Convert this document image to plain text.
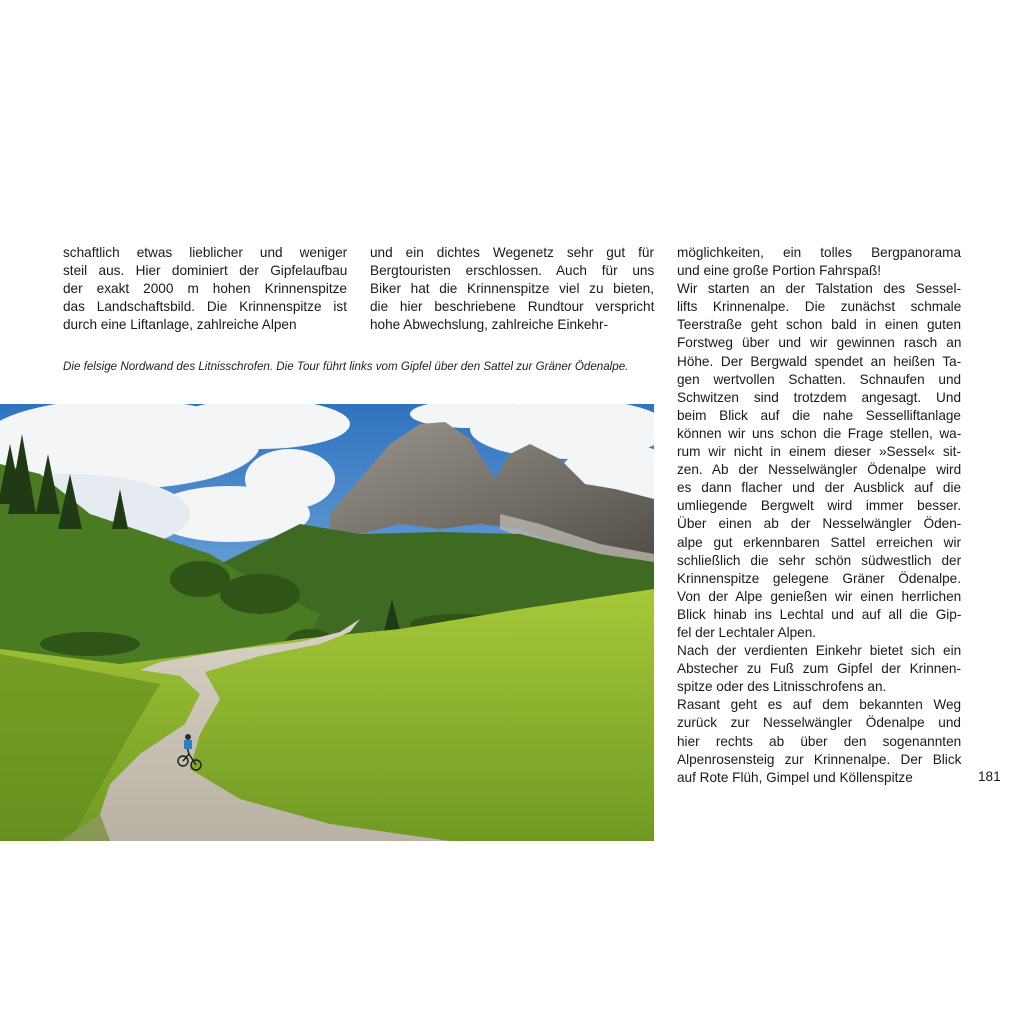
schaftlich etwas lieblicher und weniger
steil aus. Hier dominiert der Gipfelaufbau
der exakt 2000 m hohen Krinnenspitze
das Landschaftsbild. Die Krinnenspitze ist
durch eine Liftanlage, zahlreiche Alpen
und ein dichtes Wegenetz sehr gut für
Bergtouristen erschlossen. Auch für uns
Biker hat die Krinnenspitze viel zu bieten,
die hier beschriebene Rundtour verspricht
hohe Abwechslung, zahlreiche Einkehr-
möglichkeiten, ein tolles Bergpanorama
und eine große Portion Fahrspaß!
Wir starten an der Talstation des Sessel-
lifts Krinnenalpe. Die zunächst schmale
Teerstraße geht schon bald in einen guten
Forstweg über und wir gewinnen rasch an
Höhe. Der Bergwald spendet an heißen Ta-
gen wertvollen Schatten. Schnaufen und
Schwitzen sind trotzdem angesagt. Und
beim Blick auf die nahe Sesselliftanlage
können wir uns schon die Frage stellen, wa-
rum wir nicht in einem dieser »Sessel« sit-
zen. Ab der Nesselwängler Ödenalpe wird
es dann flacher und der Ausblick auf die
umliegende Bergwelt wird immer besser.
Über einen ab der Nesselwängler Öden-
alpe gut erkennbaren Sattel erreichen wir
schließlich die sehr schön südwestlich der
Krinnenspitze gelegene Gräner Ödenalpe.
Von der Alpe genießen wir einen herrlichen
Blick hinab ins Lechtal und auf all die Gip-
fel der Lechtaler Alpen.
Nach der verdienten Einkehr bietet sich ein
Abstecher zu Fuß zum Gipfel der Krinnen-
spitze oder des Litnisschrofens an.
Rasant geht es auf dem bekannten Weg
zurück zur Nesselwängler Ödenalpe und
hier rechts ab über den sogenannten
Alpenrosensteig zur Krinnenalpe. Der Blick
auf Rote Flüh, Gimpel und Köllenspitze

Die felsige Nordwand des Litnisschrofen. Die Tour führt links vom Gipfel über den Sattel zur Gräner Ödenalpe.

181
